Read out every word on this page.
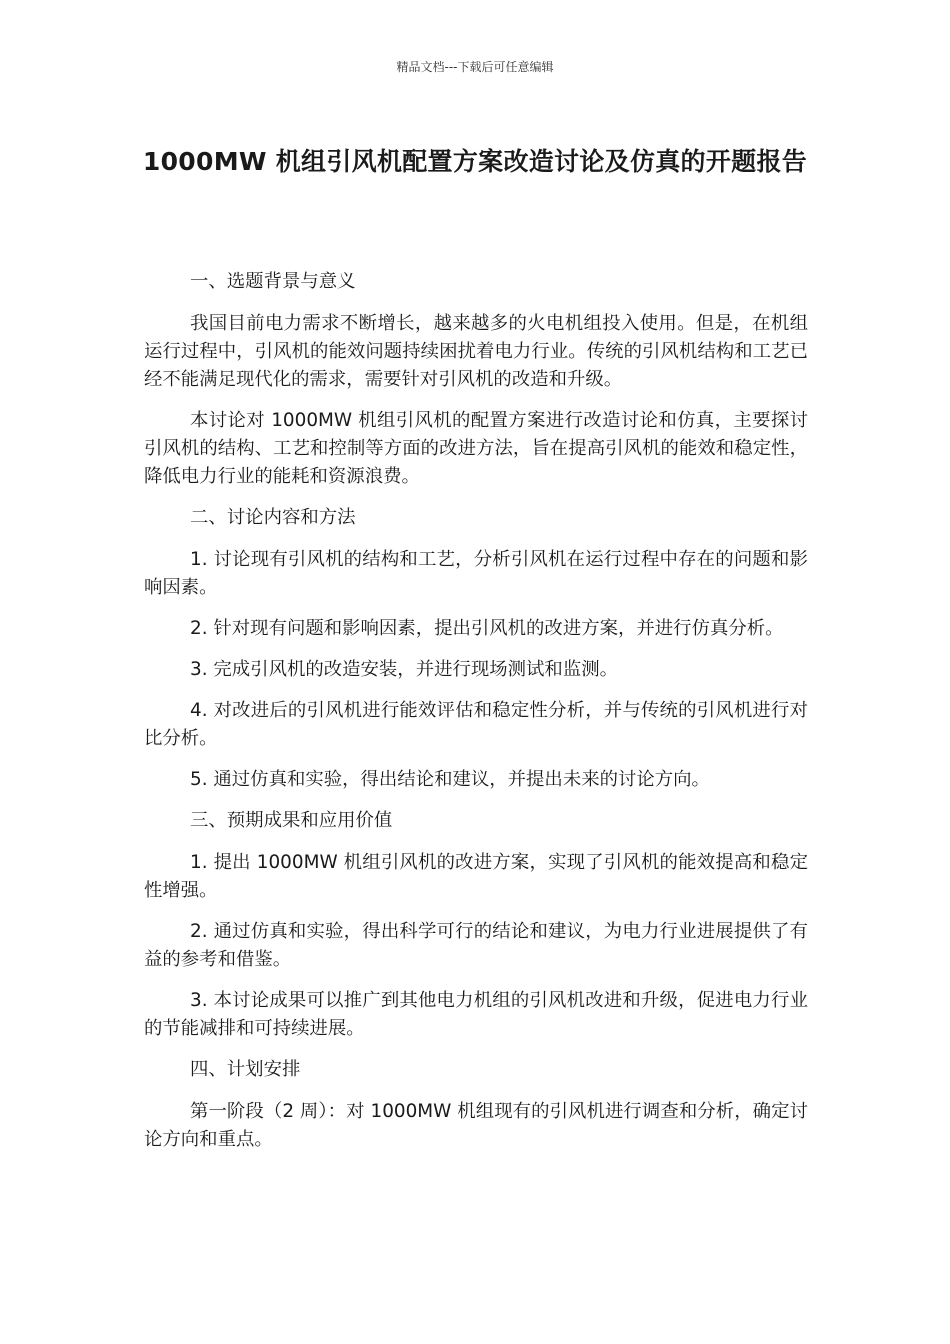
精品文档---下载后可任意编辑
1000MW 机组引风机配置方案改造讨论及仿真的开题报告

一、选题背景与意义

我国目前电力需求不断增长，越来越多的火电机组投入使用。但是，在机组运行过程中，引风机的能效问题持续困扰着电力行业。传统的引风机结构和工艺已经不能满足现代化的需求，需要针对引风机的改造和升级。

本讨论对 1000MW 机组引风机的配置方案进行改造讨论和仿真，主要探讨引风机的结构、工艺和控制等方面的改进方法，旨在提高引风机的能效和稳定性，降低电力行业的能耗和资源浪费。

二、讨论内容和方法

1. 讨论现有引风机的结构和工艺，分析引风机在运行过程中存在的问题和影响因素。

2. 针对现有问题和影响因素，提出引风机的改进方案，并进行仿真分析。

3. 完成引风机的改造安装，并进行现场测试和监测。

4. 对改进后的引风机进行能效评估和稳定性分析，并与传统的引风机进行对比分析。

5. 通过仿真和实验，得出结论和建议，并提出未来的讨论方向。

三、预期成果和应用价值

1. 提出 1000MW 机组引风机的改进方案，实现了引风机的能效提高和稳定性增强。

2. 通过仿真和实验，得出科学可行的结论和建议，为电力行业进展提供了有益的参考和借鉴。

3. 本讨论成果可以推广到其他电力机组的引风机改进和升级，促进电力行业的节能减排和可持续进展。

四、计划安排

第一阶段（2 周）：对 1000MW 机组现有的引风机进行调查和分析，确定讨论方向和重点。
